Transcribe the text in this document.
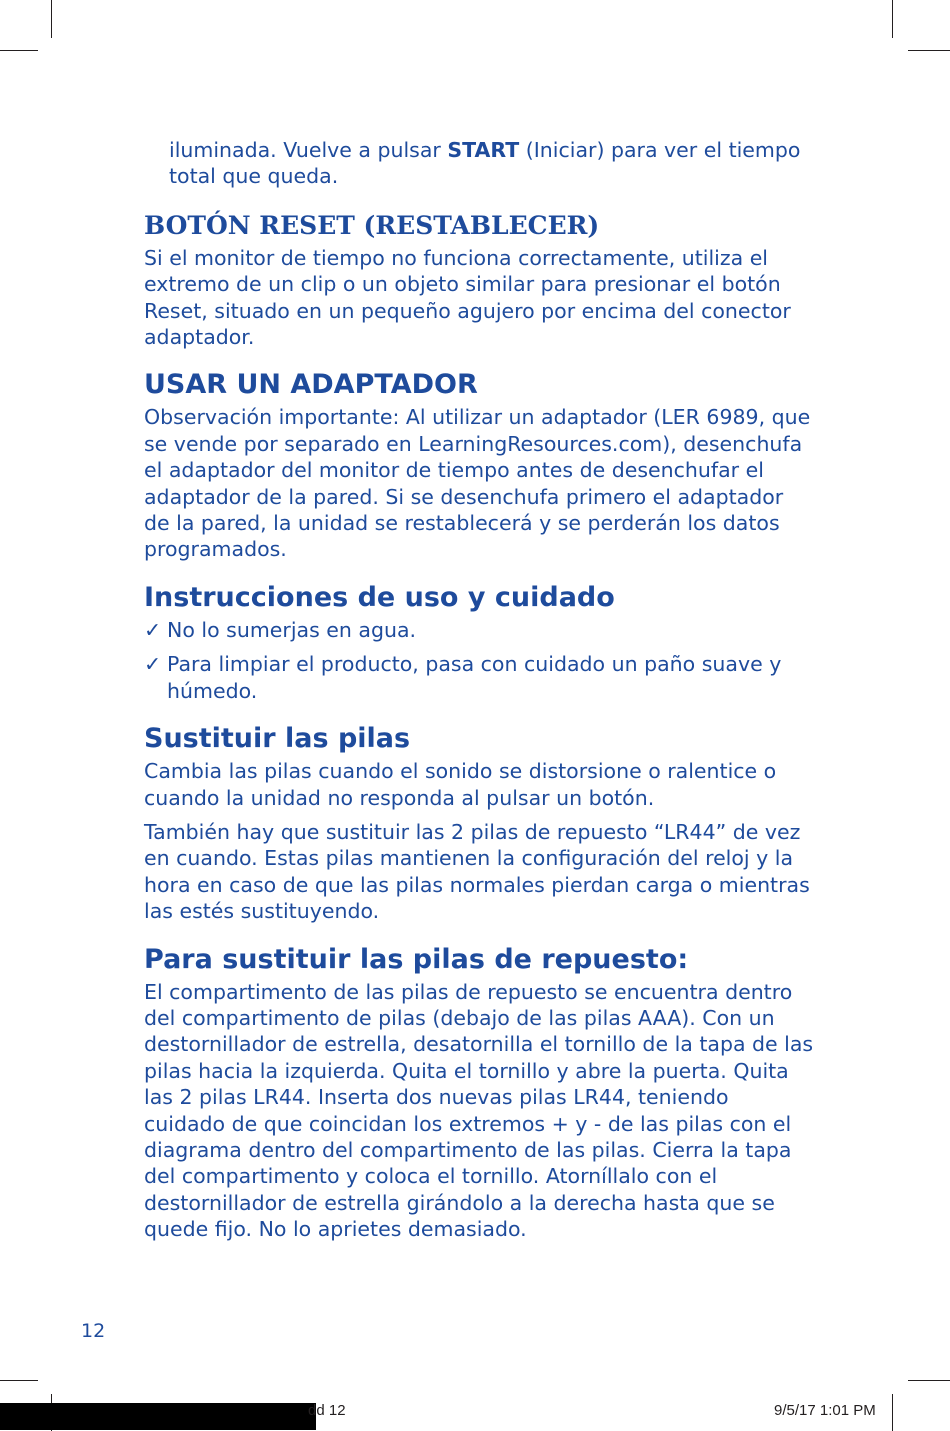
iluminada. Vuelve a pulsar START (Iniciar) para ver el tiempo total que queda.

BOTÓN RESET (RESTABLECER)

Si el monitor de tiempo no funciona correctamente, utiliza el extremo de un clip o un objeto similar para presionar el botón Reset, situado en un pequeño agujero por encima del conector adaptador.

USAR UN ADAPTADOR

Observación importante: Al utilizar un adaptador (LER 6989, que se vende por separado en LearningResources.com), desenchufa el adaptador del monitor de tiempo antes de desenchufar el adaptador de la pared. Si se desenchufa primero el adaptador de la pared, la unidad se restablecerá y se perderán los datos programados.

Instrucciones de uso y cuidado

✓ No lo sumerjas en agua.

✓ Para limpiar el producto, pasa con cuidado un paño suave y húmedo.

Sustituir las pilas

Cambia las pilas cuando el sonido se distorsione o ralentice o cuando la unidad no responda al pulsar un botón.

También hay que sustituir las 2 pilas de repuesto “LR44” de vez en cuando. Estas pilas mantienen la configuración del reloj y la hora en caso de que las pilas normales pierdan carga o mientras las estés sustituyendo.

Para sustituir las pilas de repuesto:

El compartimento de las pilas de repuesto se encuentra dentro del compartimento de pilas (debajo de las pilas AAA). Con un destornillador de estrella, desatornilla el tornillo de la tapa de las pilas hacia la izquierda. Quita el tornillo y abre la puerta. Quita las 2 pilas LR44. Inserta dos nuevas pilas LR44, teniendo cuidado de que coincidan los extremos + y - de las pilas con el diagrama dentro del compartimento de las pilas. Cierra la tapa del compartimento y coloca el tornillo. Atorníllalo con el destornillador de estrella girándolo a la derecha hasta que se quede fijo. No lo aprietes demasiado.

12
dd 12	9/5/17 1:01 PM
